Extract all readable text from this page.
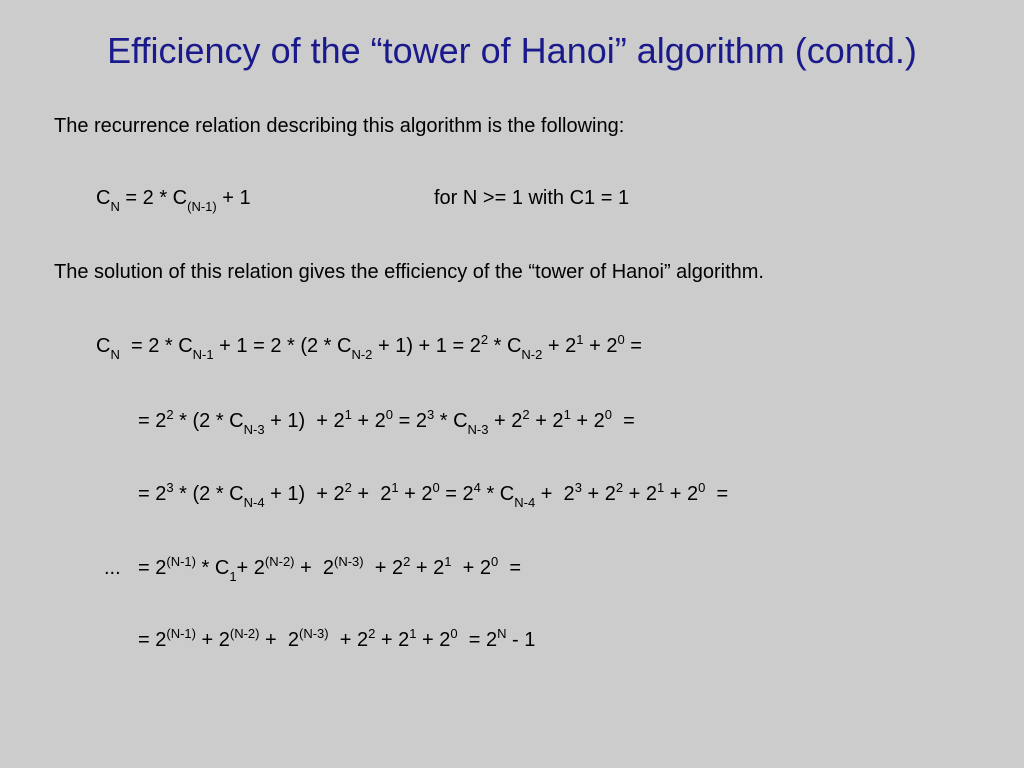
Efficiency of the “tower of Hanoi” algorithm (contd.)
The recurrence relation describing this algorithm is the following:
$C_N = 2 * C_{(N-1)} + 1$	for N >= 1 with C1 = 1
The solution of this relation gives the efficiency of the “tower of Hanoi” algorithm.
$C_N = 2 * C_{N-1} + 1 = 2 * (2 * C_{N-2} + 1) + 1 = 2^2 * C_{N-2} + 2^1 + 2^0$ =
= $2^2 * (2 * C_{N-3} + 1) + 2^1 + 2^0 = 2^3 * C_{N-3} + 2^2 + 2^1 + 2^0$  =
= $2^3 * (2 * C_{N-4} + 1) + 2^2 + 2^1 + 2^0 = 2^4 * C_{N-4} + 2^3 + 2^2 + 2^1 + 2^0$  =
... = $2^{(N-1)} * C_1+ 2^{(N-2)} + 2^{(N-3)} + 2^2 + 2^1 + 2^0$  =
= $2^{(N-1)} + 2^{(N-2)} + 2^{(N-3)} + 2^2 + 2^1 + 2^0 = 2^N - 1$
